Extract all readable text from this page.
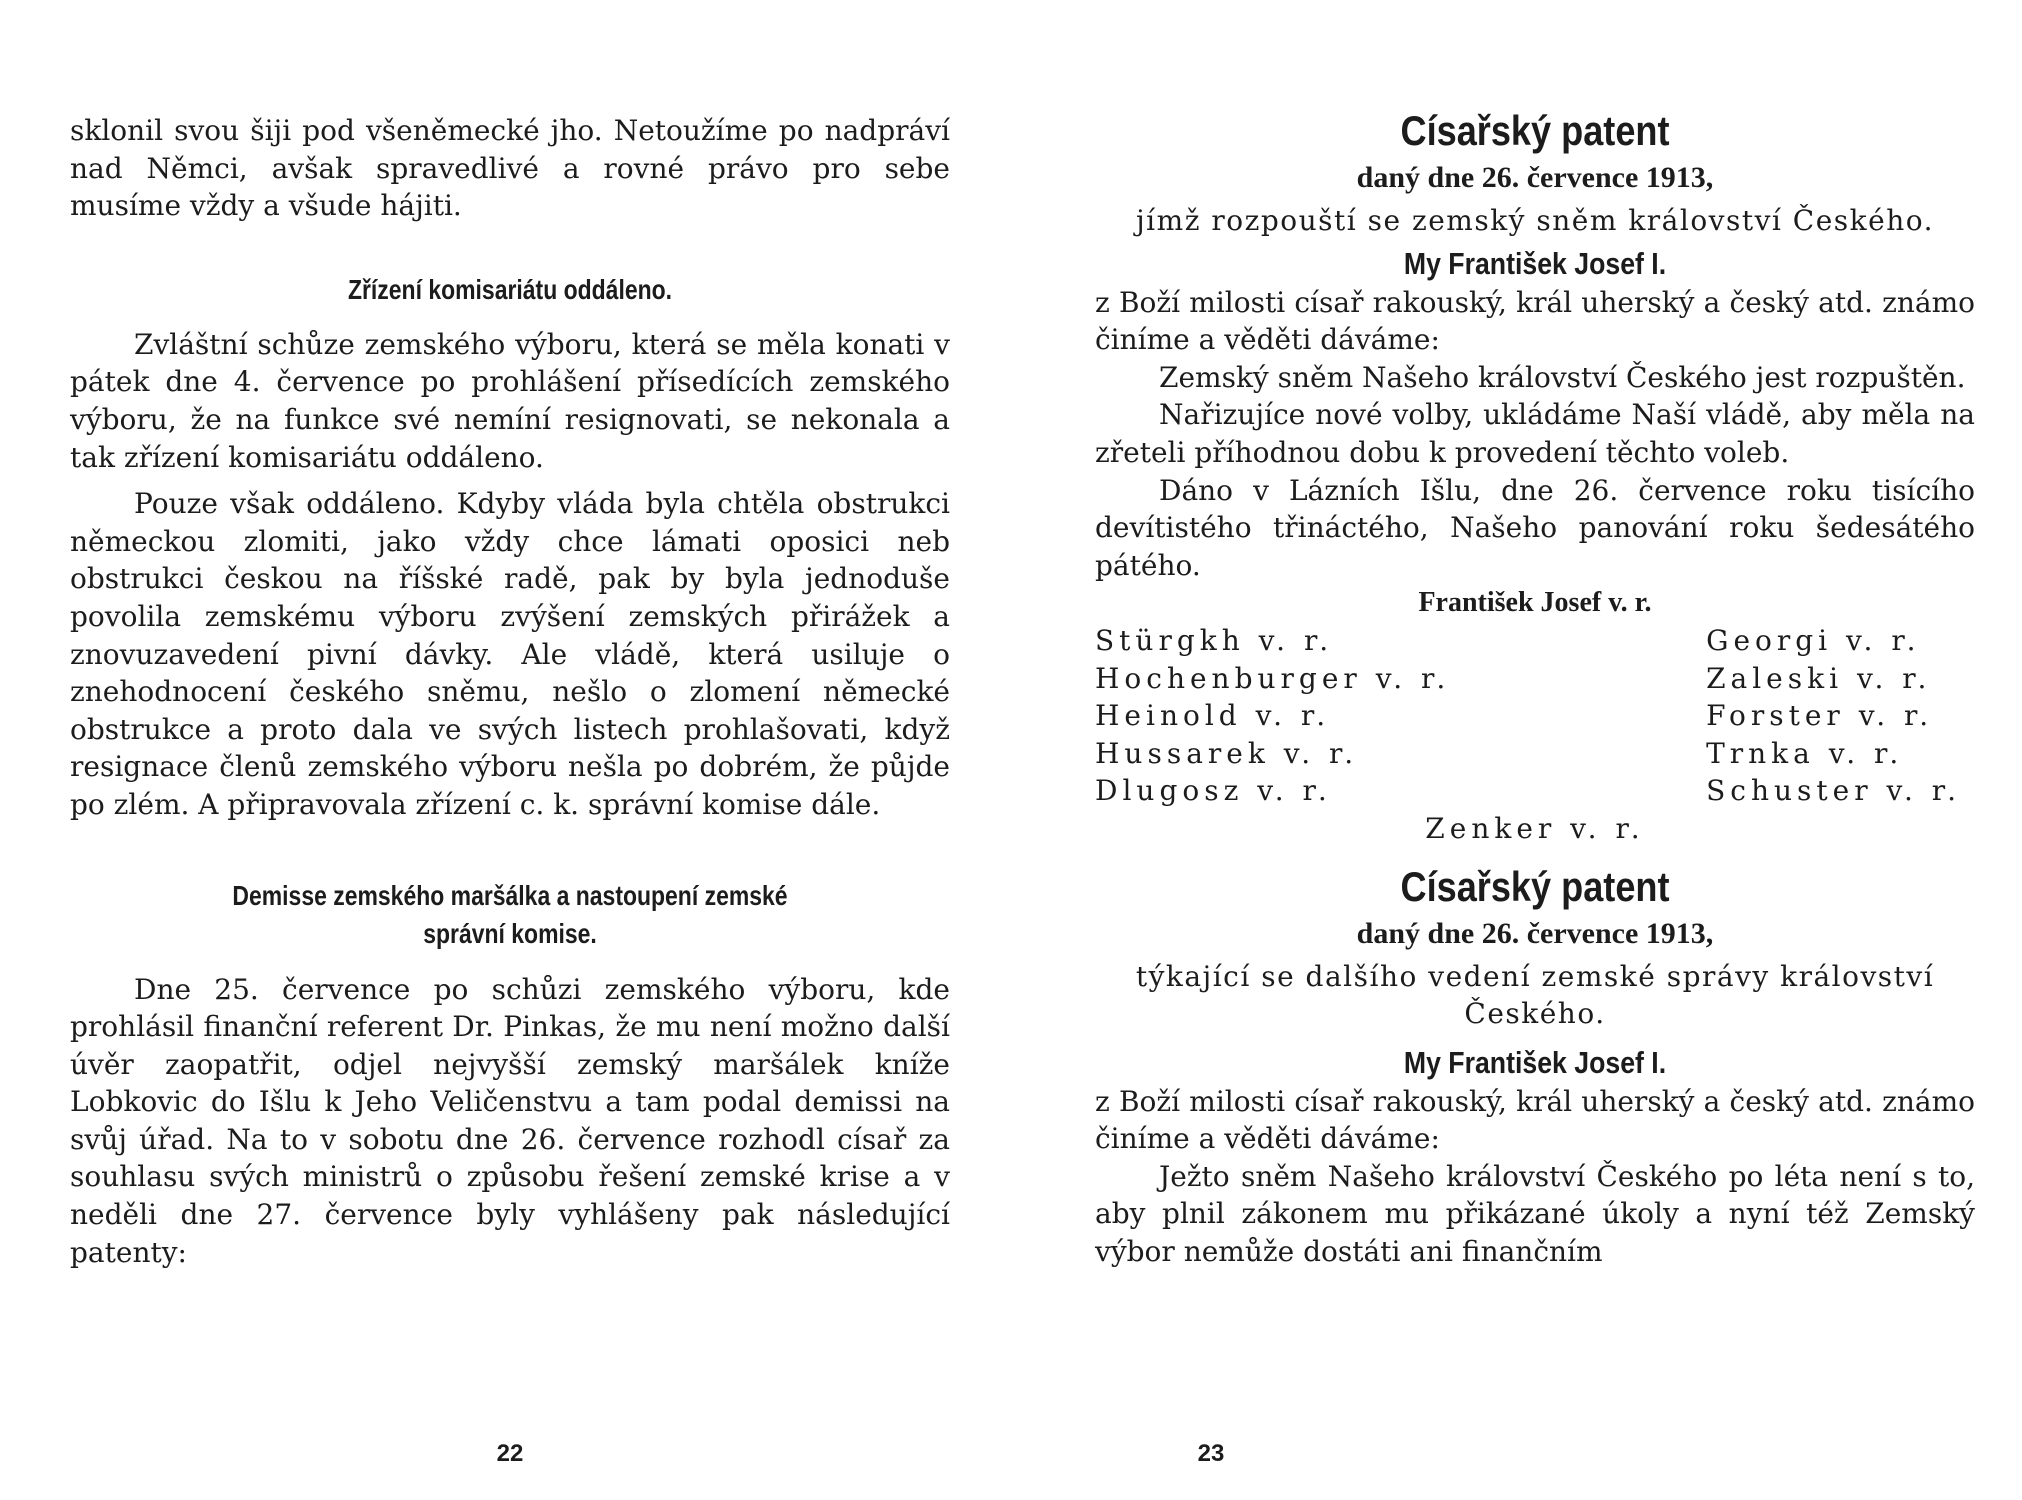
sklonil svou šiji pod všeněmecké jho. Netoužíme po nadpráví nad Němci, avšak spravedlivé a rovné právo pro sebe musíme vždy a všude hájiti.

Zřízení komisariátu oddáleno.

Zvláštní schůze zemského výboru, která se měla konati v pátek dne 4. července po prohlášení přísedících zemského výboru, že na funkce své nemíní resignovati, se nekonala a tak zřízení komisariátu oddáleno.

Pouze však oddáleno. Kdyby vláda byla chtěla obstrukci německou zlomiti, jako vždy chce lámati oposici neb obstrukci českou na říšské radě, pak by byla jednoduše povolila zemskému výboru zvýšení zemských přirážek a znovuzavedení pivní dávky. Ale vládě, která usiluje o znehodnocení českého sněmu, nešlo o zlomení německé obstrukce a proto dala ve svých listech prohlašovati, když resignace členů zemského výboru nešla po dobrém, že půjde po zlém. A připravovala zřízení c. k. správní komise dále.

Demisse zemského maršálka a nastoupení zemské

správní komise.

Dne 25. července po schůzi zemského výboru, kde prohlásil finanční referent Dr. Pinkas, že mu není možno další úvěr zaopatřit, odjel nejvyšší zemský maršálek kníže Lobkovic do Išlu k Jeho Veličenstvu a tam podal demissi na svůj úřad. Na to v sobotu dne 26. července rozhodl císař za souhlasu svých ministrů o způsobu řešení zemské krise a v neděli dne 27. července byly vyhlášeny pak následující patenty:

22

Císařský patent

daný dne 26. července 1913,

jímž rozpouští se zemský sněm království Českého.

My František Josef I.

z Boží milosti císař rakouský, král uherský a český atd. známo činíme a věděti dáváme:

Zemský sněm Našeho království Českého jest rozpuštěn.

Nařizujíce nové volby, ukládáme Naší vládě, aby měla na zřeteli příhodnou dobu k provedení těchto voleb.

Dáno v Lázních Išlu, dne 26. července roku tisícího devítistého třináctého, Našeho panování roku šedesátého pátého.

František Josef v. r.

Stürgkh v. r.
Hochenburger v. r.
Heinold v. r.
Hussarek v. r.
Dlugosz v. r.
Georgi v. r.
Zaleski v. r.
Forster v. r.
Trnka v. r.
Schuster v. r.

Zenker v. r.

Císařský patent

daný dne 26. července 1913,

týkající se dalšího vedení zemské správy království Českého.

My František Josef I.

z Boží milosti císař rakouský, král uherský a český atd. známo činíme a věděti dáváme:

Ježto sněm Našeho království Českého po léta není s to, aby plnil zákonem mu přikázané úkoly a nyní též Zemský výbor nemůže dostáti ani finančním

23
